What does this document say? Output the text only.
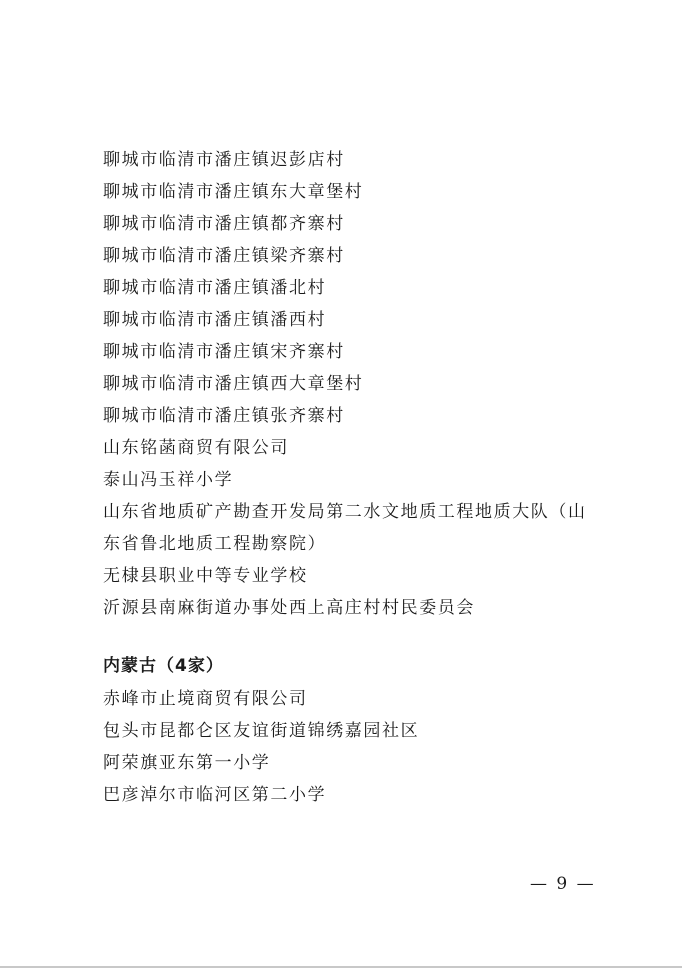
聊城市临清市潘庄镇迟彭店村
聊城市临清市潘庄镇东大章堡村
聊城市临清市潘庄镇都齐寨村
聊城市临清市潘庄镇梁齐寨村
聊城市临清市潘庄镇潘北村
聊城市临清市潘庄镇潘西村
聊城市临清市潘庄镇宋齐寨村
聊城市临清市潘庄镇西大章堡村
聊城市临清市潘庄镇张齐寨村
山东铭菡商贸有限公司
泰山冯玉祥小学
山东省地质矿产勘查开发局第二水文地质工程地质大队（山东省鲁北地质工程勘察院）
无棣县职业中等专业学校
沂源县南麻街道办事处西上高庄村村民委员会
内蒙古（4家）
赤峰市止境商贸有限公司
包头市昆都仑区友谊街道锦绣嘉园社区
阿荣旗亚东第一小学
巴彦淖尔市临河区第二小学
— 9 —
